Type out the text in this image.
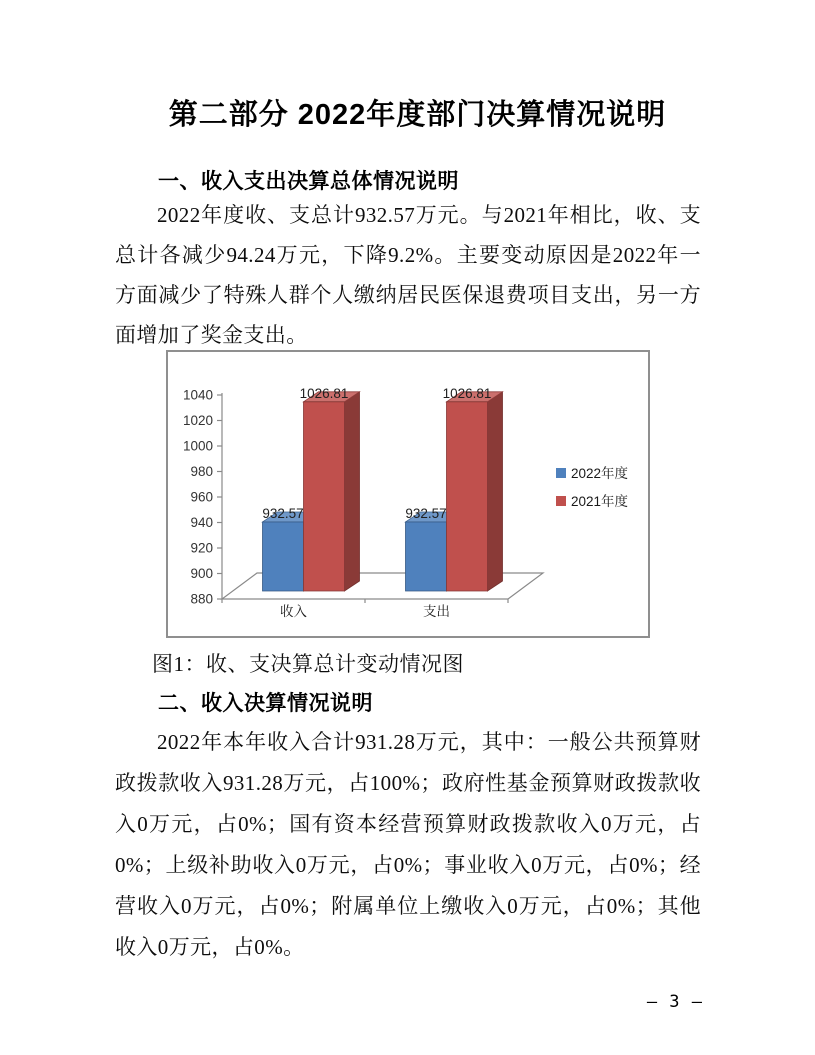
第二部分 2022年度部门决算情况说明
一、收入支出决算总体情况说明
2022年度收、支总计932.57万元。与2021年相比，收、支总计各减少94.24万元，下降9.2%。主要变动原因是2022年一方面减少了特殊人群个人缴纳居民医保退费项目支出，另一方面增加了奖金支出。
880
900
920
940
960
980
1000
1020
1040
收入	支出
932.57
1026.81
932.57
1026.81
2022年度
2021年度
图1：收、支决算总计变动情况图
二、收入决算情况说明
2022年本年收入合计931.28万元，其中：一般公共预算财政拨款收入931.28万元，占100%；政府性基金预算财政拨款收入0万元，占0%；国有资本经营预算财政拨款收入0万元，占0%；上级补助收入0万元，占0%；事业收入0万元，占0%；经营收入0万元，占0%；附属单位上缴收入0万元，占0%；其他收入0万元，占0%。
— 3 —
